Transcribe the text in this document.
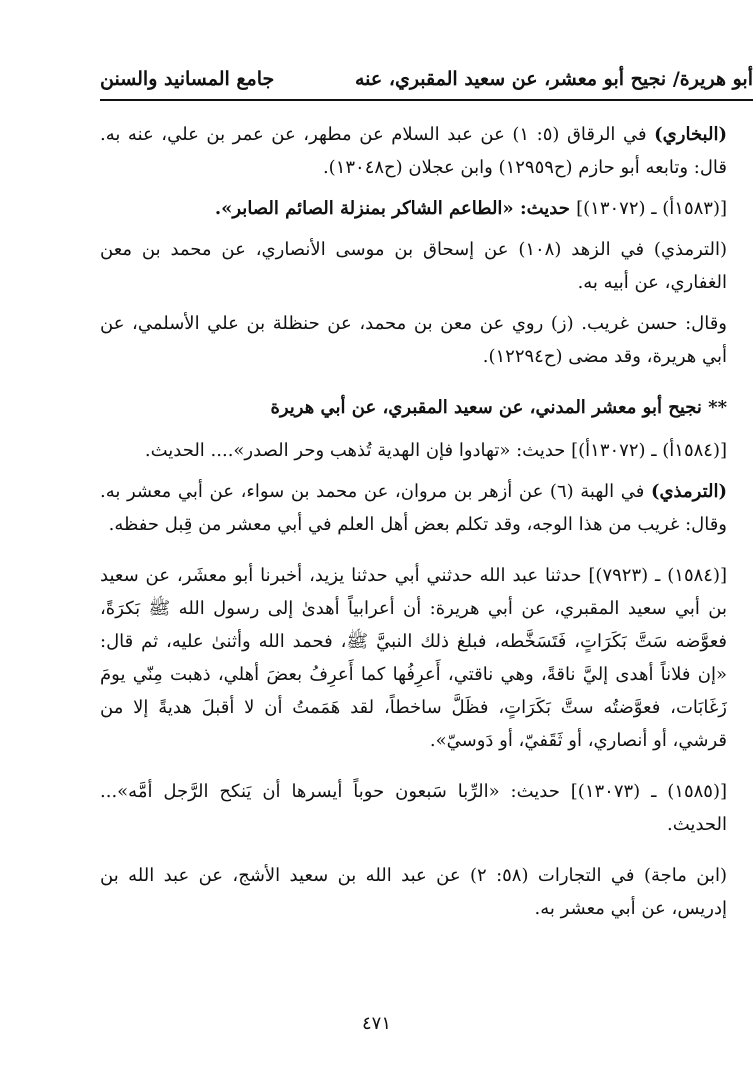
أبو هريرة/ نجيح أبو معشر، عن سعيد المقبري، عنه
جامع المسانيد والسنن

(البخاري) في الرقاق (٥: ١) عن عبد السلام عن مطهر، عن عمر بن علي، عنه به. قال: وتابعه أبو حازم (ح١٢٩٥٩) وابن عجلان (ح١٣٠٤٨).

[(١٥٨٣أ) ـ (١٣٠٧٢)] حديث: «الطاعم الشاكر بمنزلة الصائم الصابر».

(الترمذي) في الزهد (١٠٨) عن إسحاق بن موسى الأنصاري، عن محمد بن معن الغفاري، عن أبيه به.

وقال: حسن غريب. (ز) روي عن معن بن محمد، عن حنظلة بن علي الأسلمي، عن أبي هريرة، وقد مضى (ح١٢٢٩٤).

** نجيح أبو معشر المدني، عن سعيد المقبري، عن أبي هريرة

[(١٥٨٤أ) ـ (١٣٠٧٢أ)] حديث: «تهادوا فإن الهدية تُذهب وحر الصدر».... الحديث.

(الترمذي) في الهبة (٦) عن أزهر بن مروان، عن محمد بن سواء، عن أبي معشر به. وقال: غريب من هذا الوجه، وقد تكلم بعض أهل العلم في أبي معشر من قِبل حفظه.

[(١٥٨٤) ـ (٧٩٢٣)] حدثنا عبد الله حدثني أبي حدثنا يزيد، أخبرنا أبو معشَر، عن سعيد بن أبي سعيد المقبري، عن أبي هريرة: أن أعرابياً أهدىٰ إلى رسول الله ﷺ بَكرَةً، فعوَّضه سَتَّ بَكَرَاتٍ، فَتَسَخَّطه، فبلغ ذلك النبيَّ ﷺ، فحمد الله وأثنىٰ عليه، ثم قال: «إن فلاناً أهدى إليَّ ناقةً، وهي ناقتي، أَعرِفُها كما أَعرِفُ بعضَ أهلي، ذهبت مِنّي يومَ زَغَابَات، فعوَّضتُه ستَّ بَكَرَاتٍ، فظَلَّ ساخطاً، لقد هَمَمتُ أن لا أقبلَ هديةً إلا من قرشي، أو أنصاري، أو ثَقَفيّ، أو دَوسيّ».

[(١٥٨٥) ـ (١٣٠٧٣)] حديث: «الرِّبا سَبعون حوباً أيسرها أن يَنكح الرَّجل أمَّه»... الحديث.

(ابن ماجة) في التجارات (٥٨: ٢) عن عبد الله بن سعيد الأشج، عن عبد الله بن إدريس، عن أبي معشر به.

٤٧١
